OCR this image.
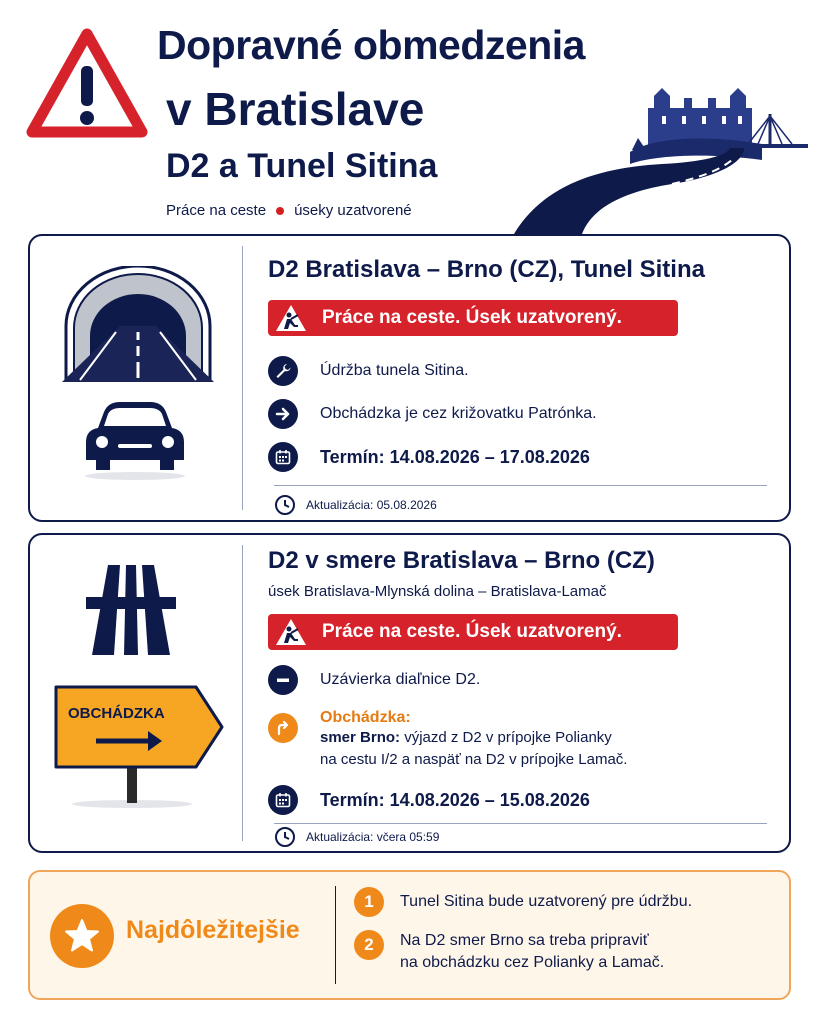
Dopravné obmedzenia
v Bratislave
D2 a Tunel Sitina
Práce na ceste úseky uzatvorené
D2 Bratislava – Brno (CZ), Tunel Sitina
Práce na ceste. Úsek uzatvorený.
Údržba tunela Sitina.
Obchádzka je cez križovatku Patrónka.
Termín: 14.08.2026 – 17.08.2026
Aktualizácia: 05.08.2026
OBCHÁDZKA
D2 v smere Bratislava – Brno (CZ)
úsek Bratislava-Mlynská dolina – Bratislava-Lamač
Práce na ceste. Úsek uzatvorený.
Uzávierka diaľnice D2.
Obchádzka:
smer Brno: výjazd z D2 v prípojke Polianky
na cestu I/2 a naspäť na D2 v prípojke Lamač.
Termín: 14.08.2026 – 15.08.2026
Aktualizácia: včera 05:59
Najdôležitejšie
1	Tunel Sitina bude uzatvorený pre údržbu.
2	Na D2 smer Brno sa treba pripraviť
na obchádzku cez Polianky a Lamač.
